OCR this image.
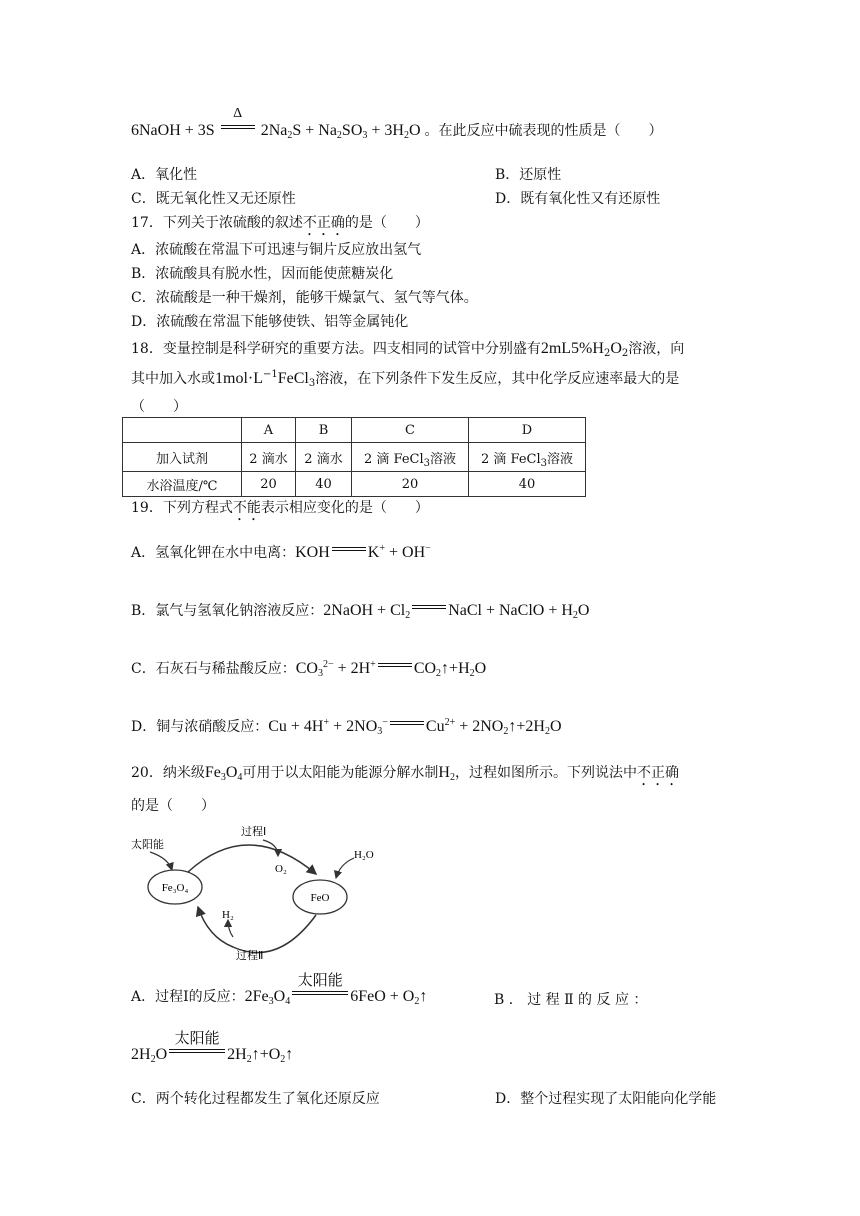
6NaOH + 3S
Δ
$2Na_2S + Na_2SO_3 + 3H_2O$ 。在此反应中硫表现的性质是（　　）
A．氧化性	B．还原性
C．既无氧化性又无还原性	D．既有氧化性又有还原性
17．下列关于浓硫酸的叙述不正确的是（　　）
A．浓硫酸在常温下可迅速与铜片反应放出氢气
B．浓硫酸具有脱水性，因而能使蔗糖炭化
C．浓硫酸是一种干燥剂，能够干燥氯气、氢气等气体。
D．浓硫酸在常温下能够使铁、铝等金属钝化
18．变量控制是科学研究的重要方法。四支相同的试管中分别盛有$2mL5\%H_2O_2$溶液，向
其中加入水或$1mol\cdot L^{-1}FeCl_3$溶液，在下列条件下发生反应，其中化学反应速率最大的是
（　　）
	A	B	C	D
加入试剂	2 滴水	2 滴水	2 滴 FeCl$_3$溶液	2 滴 FeCl$_3$溶液
水浴温度/℃	20	40	20	40
19．下列方程式不能表示相应变化的是（　　）
A．氢氧化钾在水中电离：KOH K+ + OH−
B．氯气与氢氧化钠溶液反应：2NaOH + $Cl_2$ NaCl + NaClO + $H_2O$
C．石灰石与稀盐酸反应：$CO_3^{2-} + 2H^+$ $CO_2↑+H_2O$
D．铜与浓硝酸反应：$Cu + 4H^+ + 2NO_3^-$ $Cu^{2+}$ + $2NO_2↑+2H_2O$
20．纳米级$Fe_3O_4$可用于以太阳能为能源分解水制$H_2$，过程如图所示。下列说法中不正确
的是（　　）
太阳能
过程Ⅰ
O₂
H₂O
Fe₃O₄
FeO
H₂
过程Ⅱ
A．过程Ⅰ的反应：$2Fe_3O_4$
太阳能
$6FeO + O_2↑$	B ． 过 程 Ⅱ 的 反 应 ：
$2H_2O$
太阳能
$2H_2↑+O_2↑$
C．两个转化过程都发生了氧化还原反应	D．整个过程实现了太阳能向化学能
